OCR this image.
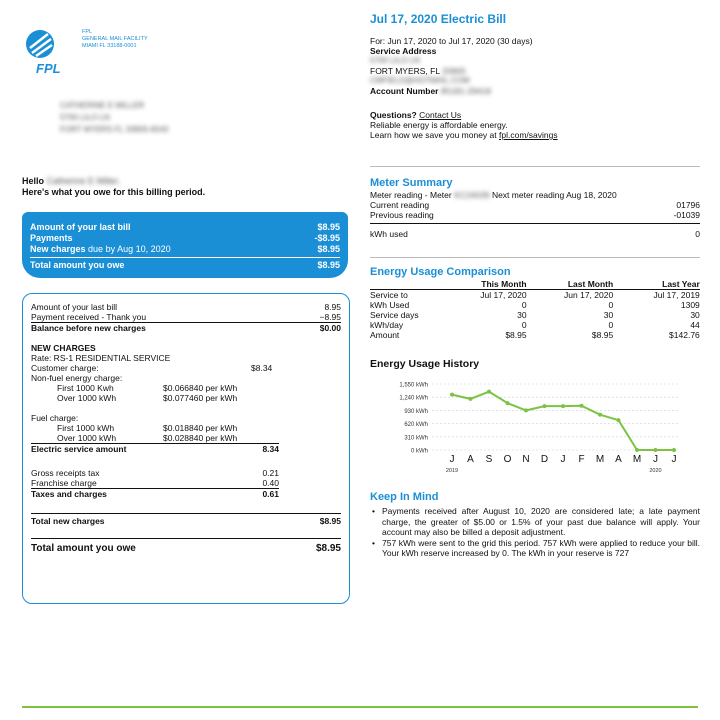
FPL
FPL
GENERAL MAIL FACILITY
MIAMI FL 33188-0001
CATHERINE E MILLER
5700 LILO LN
FORT MYERS FL 33905-6543
Hello Catherine E Miller,
Here's what you owe for this billing period.
Amount of your last bill	$8.95
Payments	-$8.95
New charges due by Aug 10, 2020	$8.95
Total amount you owe	$8.95
Amount of your last bill	8.95
Payment received - Thank you	−8.95
Balance before new charges	$0.00
NEW CHARGES
Rate: RS-1 RESIDENTIAL SERVICE
Customer charge:	$8.34
Non-fuel energy charge:
First 1000 Kwh	$0.066840 per kWh
Over 1000 kWh	$0.077460 per kWh
Fuel charge:
First 1000 kWh	$0.018840 per kWh
Over 1000 kWh	$0.028840 per kWh
Electric service amount	8.34
Gross receipts tax	0.21
Franchise charge	0.40
Taxes and charges	0.61
Total new charges	$8.95
Total amount you owe	$8.95
Jul 17, 2020 Electric Bill
For: Jun 17, 2020 to Jul 17, 2020 (30 days)
Service Address
5700 LILO LN
FORT MYERS, FL 33905
CMFIELD@HOTMAIL.COM
Account Number 85181-29418
Questions? Contact Us
Reliable energy is affordable energy.
Learn how we save you money at fpl.com/savings
Meter Summary
Meter reading - Meter KC24039 Next meter reading Aug 18, 2020
Current reading	01796
Previous reading	-01039
kWh used	0
Energy Usage Comparison
This Month	Last Month	Last Year
Service to	Jul 17, 2020	Jun 17, 2020	Jul 17, 2019
kWh Used	0	0	1309
Service days	30	30	30
kWh/day	0	0	44
Amount	$8.95	$8.95	$142.76
Energy Usage History
1,550 kWh
1,240 kWh
930 kWh
620 kWh
310 kWh
0 kWh
J A S O N D J F M A M J J
2019	2020
Keep In Mind
• Payments received after August 10, 2020 are considered late; a late payment charge, the greater of $5.00 or 1.5% of your past due balance will apply. Your account may also be billed a deposit adjustment.
• 757 kWh were sent to the grid this period. 757 kWh were applied to reduce your bill. Your kWh reserve increased by 0. The kWh in your reserve is 727
